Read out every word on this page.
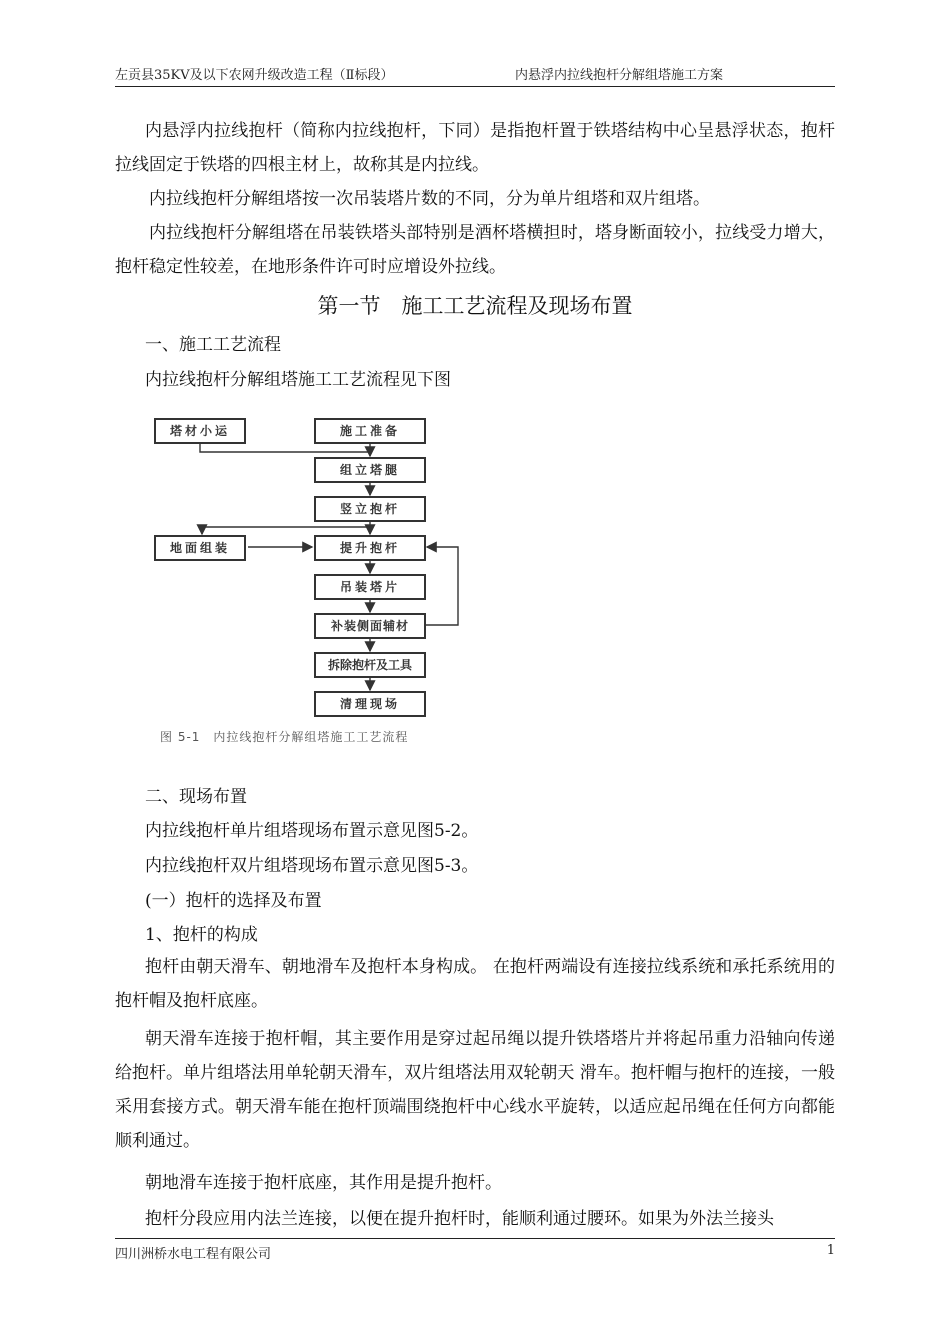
左贡县35KV及以下农网升级改造工程（Ⅱ标段）	内悬浮内拉线抱杆分解组塔施工方案
内悬浮内拉线抱杆（简称内拉线抱杆，下同）是指抱杆置于铁塔结构中心呈悬浮状态，抱杆拉线固定于铁塔的四根主材上，故称其是内拉线。
内拉线抱杆分解组塔按一次吊装塔片数的不同，分为单片组塔和双片组塔。
内拉线抱杆分解组塔在吊装铁塔头部特别是酒杯塔横担时，塔身断面较小，拉线受力增大，抱杆稳定性较差，在地形条件许可时应增设外拉线。
第一节　施工工艺流程及现场布置
一、施工工艺流程
内拉线抱杆分解组塔施工工艺流程见下图
塔材小运	施工准备
组立塔腿
竖立抱杆
地面组装	提升抱杆
吊装塔片
补装侧面辅材
拆除抱杆及工具
清理现场
图 5-1　内拉线抱杆分解组塔施工工艺流程
二、现场布置
内拉线抱杆单片组塔现场布置示意见图5-2。
内拉线抱杆双片组塔现场布置示意见图5-3。
(一）抱杆的选择及布置
1、抱杆的构成
抱杆由朝天滑车、朝地滑车及抱杆本身构成。 在抱杆两端设有连接拉线系统和承托系统用的抱杆帽及抱杆底座。
朝天滑车连接于抱杆帽，其主要作用是穿过起吊绳以提升铁塔塔片并将起吊重力沿轴向传递给抱杆。单片组塔法用单轮朝天滑车，双片组塔法用双轮朝天 滑车。抱杆帽与抱杆的连接，一般采用套接方式。朝天滑车能在抱杆顶端围绕抱杆中心线水平旋转，以适应起吊绳在任何方向都能顺利通过。
朝地滑车连接于抱杆底座，其作用是提升抱杆。
抱杆分段应用内法兰连接，以便在提升抱杆时，能顺利通过腰环。如果为外法兰接头
四川洲桥水电工程有限公司	1
